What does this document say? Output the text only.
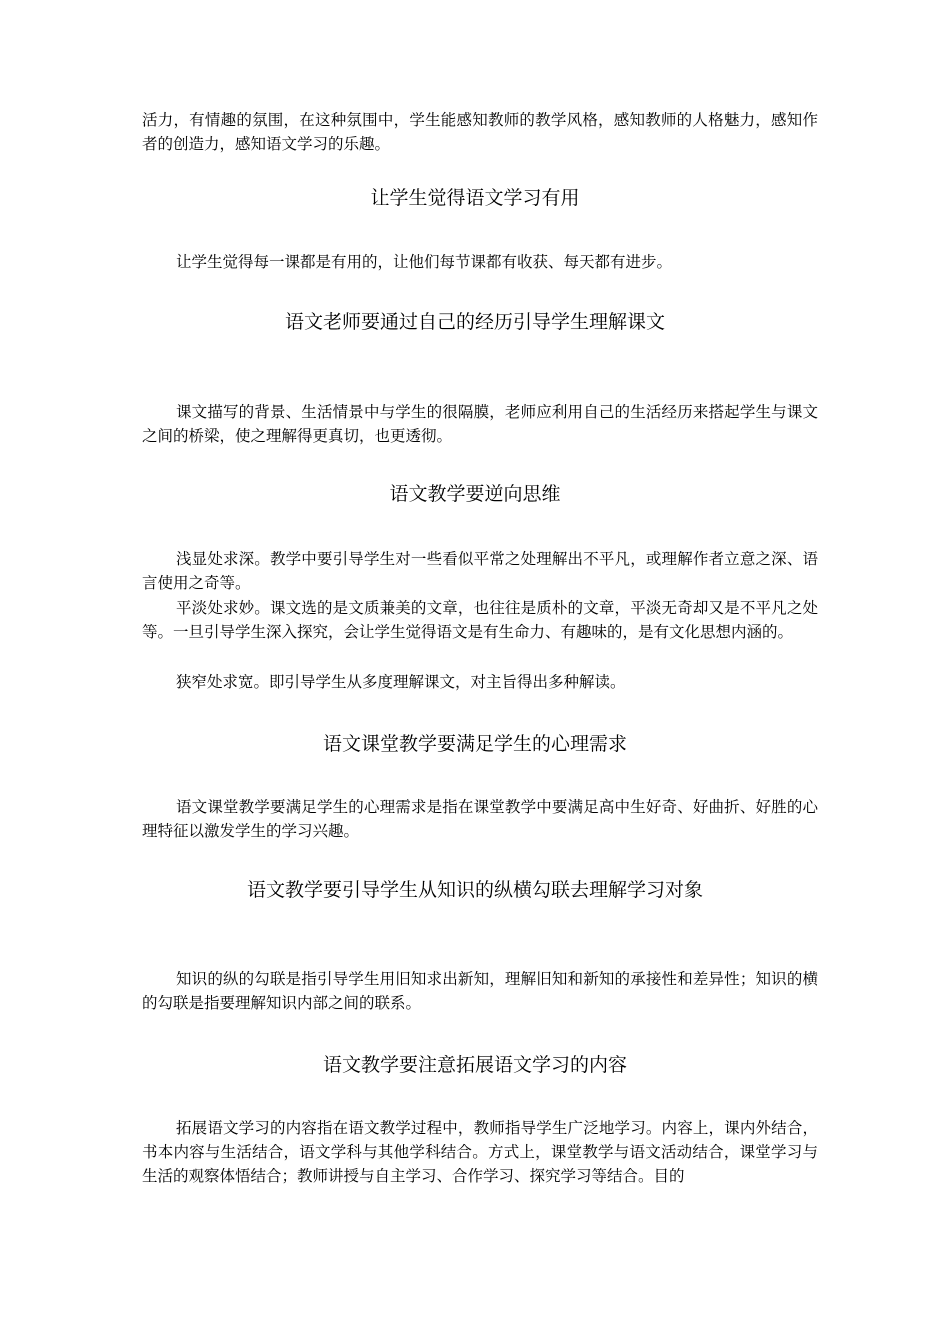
活力，有情趣的氛围，在这种氛围中，学生能感知教师的教学风格，感知教师的人格魅力，感知作者的创造力，感知语文学习的乐趣。

让学生觉得语文学习有用

让学生觉得每一课都是有用的，让他们每节课都有收获、每天都有进步。

语文老师要通过自己的经历引导学生理解课文

课文描写的背景、生活情景中与学生的很隔膜，老师应利用自己的生活经历来搭起学生与课文之间的桥梁，使之理解得更真切，也更透彻。

语文教学要逆向思维

浅显处求深。教学中要引导学生对一些看似平常之处理解出不平凡，或理解作者立意之深、语言使用之奇等。

平淡处求妙。课文选的是文质兼美的文章，也往往是质朴的文章，平淡无奇却又是不平凡之处等。一旦引导学生深入探究，会让学生觉得语文是有生命力、有趣味的，是有文化思想内涵的。

狭窄处求宽。即引导学生从多度理解课文，对主旨得出多种解读。

语文课堂教学要满足学生的心理需求

语文课堂教学要满足学生的心理需求是指在课堂教学中要满足高中生好奇、好曲折、好胜的心理特征以激发学生的学习兴趣。

语文教学要引导学生从知识的纵横勾联去理解学习对象

知识的纵的勾联是指引导学生用旧知求出新知，理解旧知和新知的承接性和差异性；知识的横的勾联是指要理解知识内部之间的联系。

语文教学要注意拓展语文学习的内容

拓展语文学习的内容指在语文教学过程中，教师指导学生广泛地学习。内容上，课内外结合，书本内容与生活结合，语文学科与其他学科结合。方式上，课堂教学与语文活动结合，课堂学习与生活的观察体悟结合；教师讲授与自主学习、合作学习、探究学习等结合。目的
